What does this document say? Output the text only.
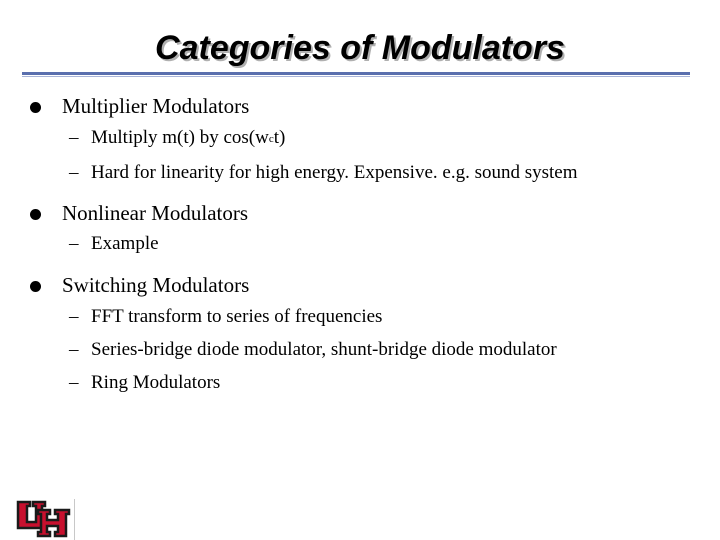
Categories of Modulators
Multiplier Modulators
– Multiply m(t) by cos(wct)
– Hard for linearity for high energy. Expensive. e.g. sound system
Nonlinear Modulators
– Example
Switching Modulators
– FFT transform to series of frequencies
– Series-bridge diode modulator, shunt-bridge diode modulator
– Ring Modulators
